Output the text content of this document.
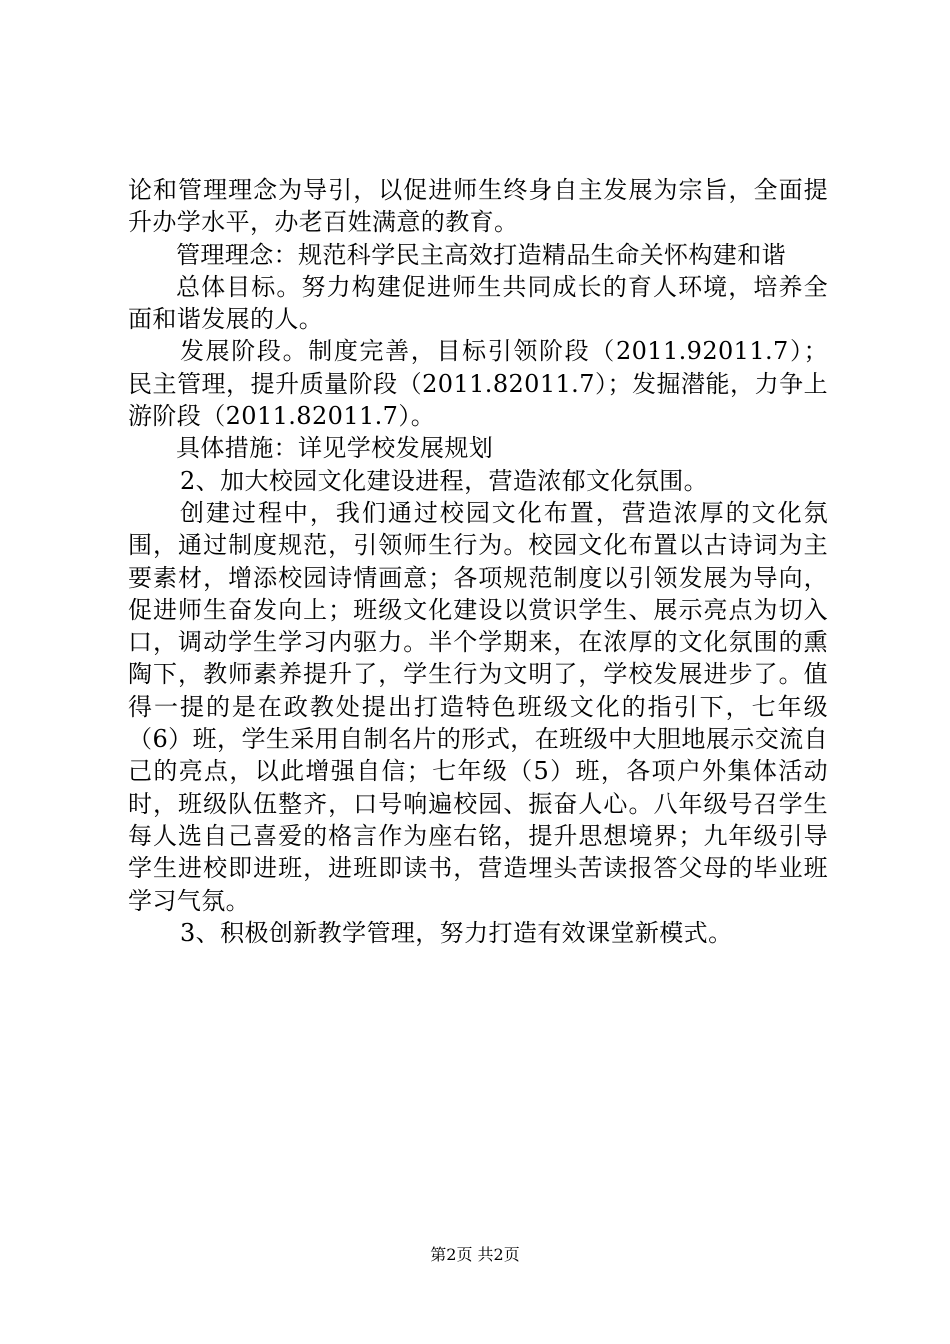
论和管理理念为导引，以促进师生终身自主发展为宗旨，全面提升办学水平，办老百姓满意的教育。

管理理念：规范科学民主高效打造精品生命关怀构建和谐

总体目标。努力构建促进师生共同成长的育人环境，培养全面和谐发展的人。

发展阶段。制度完善，目标引领阶段（2011.92011.7）；民主管理，提升质量阶段（2011.82011.7）；发掘潜能，力争上游阶段（2011.82011.7）。

具体措施：详见学校发展规划

2、加大校园文化建设进程，营造浓郁文化氛围。

创建过程中，我们通过校园文化布置，营造浓厚的文化氛围，通过制度规范，引领师生行为。校园文化布置以古诗词为主要素材，增添校园诗情画意；各项规范制度以引领发展为导向，促进师生奋发向上；班级文化建设以赏识学生、展示亮点为切入口，调动学生学习内驱力。半个学期来，在浓厚的文化氛围的熏陶下，教师素养提升了，学生行为文明了，学校发展进步了。值得一提的是在政教处提出打造特色班级文化的指引下，七年级（6）班，学生采用自制名片的形式，在班级中大胆地展示交流自己的亮点，以此增强自信；七年级（5）班，各项户外集体活动时，班级队伍整齐，口号响遍校园、振奋人心。八年级号召学生每人选自己喜爱的格言作为座右铭，提升思想境界；九年级引导学生进校即进班，进班即读书，营造埋头苦读报答父母的毕业班学习气氛。

3、积极创新教学管理，努力打造有效课堂新模式。

第2页 共2页
